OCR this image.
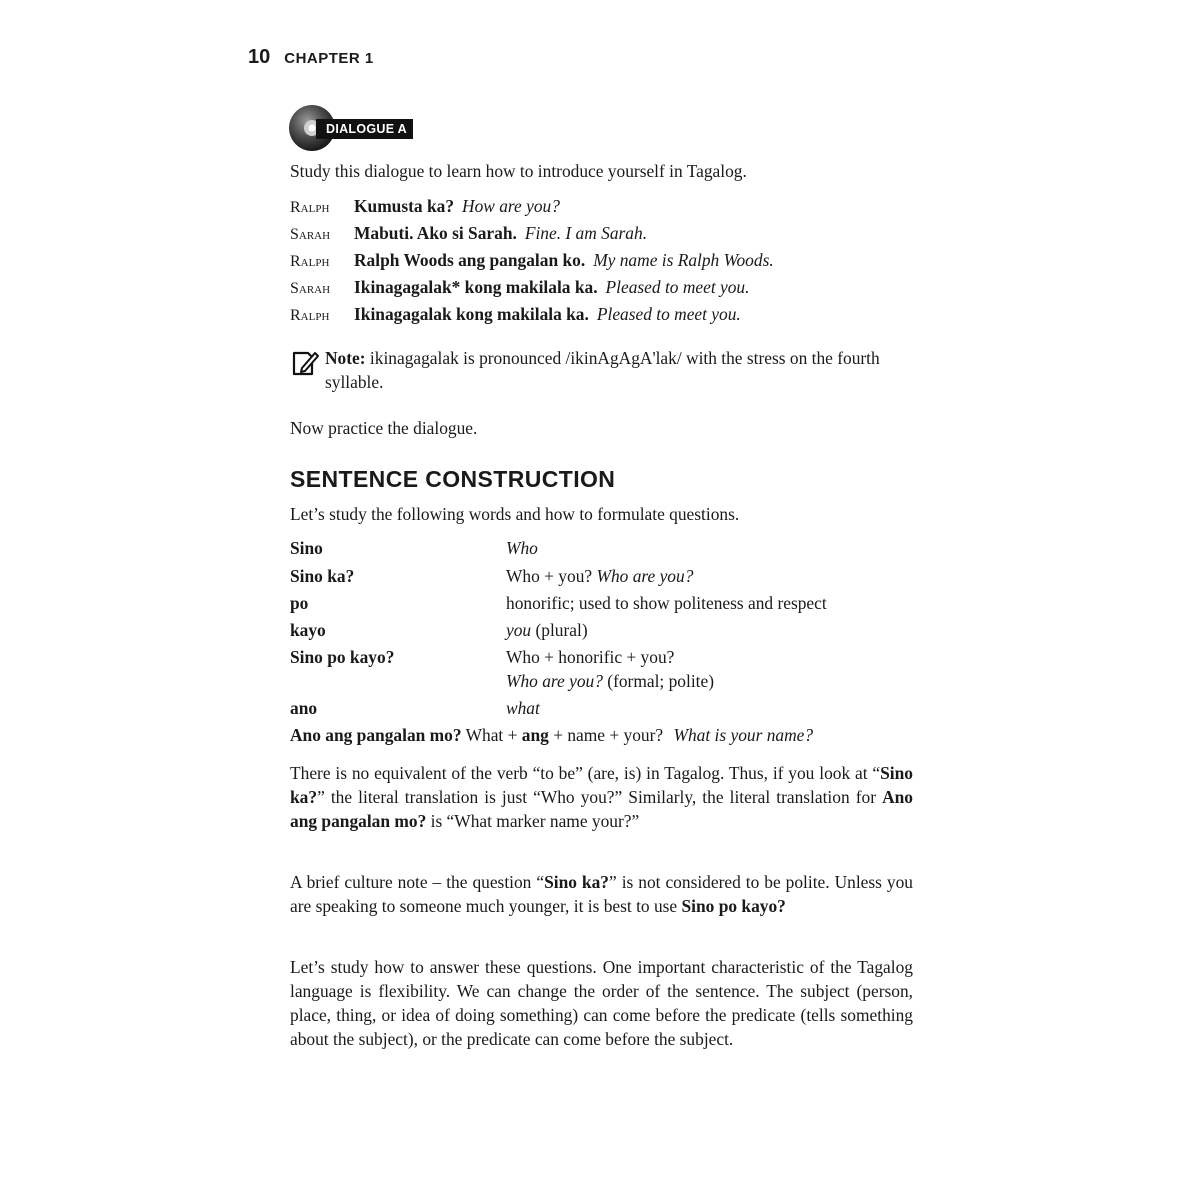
10 CHAPTER 1
DIALOGUE A
Study this dialogue to learn how to introduce yourself in Tagalog.
Ralph Kumusta ka? How are you?
Sarah Mabuti. Ako si Sarah. Fine. I am Sarah.
Ralph Ralph Woods ang pangalan ko. My name is Ralph Woods.
Sarah Ikinagagalak* kong makilala ka. Pleased to meet you.
Ralph Ikinagagalak kong makilala ka. Pleased to meet you.
Note: ikinagagalak is pronounced /ikinAgAgA'lak/ with the stress on the fourth syllable.
Now practice the dialogue.
SENTENCE CONSTRUCTION
Let’s study the following words and how to formulate questions.
Sino	Who
Sino ka?	Who + you? Who are you?
po	honorific; used to show politeness and respect
kayo	you (plural)
Sino po kayo?	Who + honorific + you?
Who are you? (formal; polite)
ano	what
Ano ang pangalan mo? What + ang + name + your? What is your name?
There is no equivalent of the verb “to be” (are, is) in Tagalog. Thus, if you look at “Sino ka?” the literal translation is just “Who you?” Similarly, the literal translation for Ano ang pangalan mo? is “What marker name your?”
A brief culture note – the question “Sino ka?” is not considered to be polite. Unless you are speaking to someone much younger, it is best to use Sino po kayo?
Let’s study how to answer these questions. One important characteristic of the Tagalog language is flexibility. We can change the order of the sentence. The subject (person, place, thing, or idea of doing something) can come before the predicate (tells something about the subject), or the predicate can come before the subject.
